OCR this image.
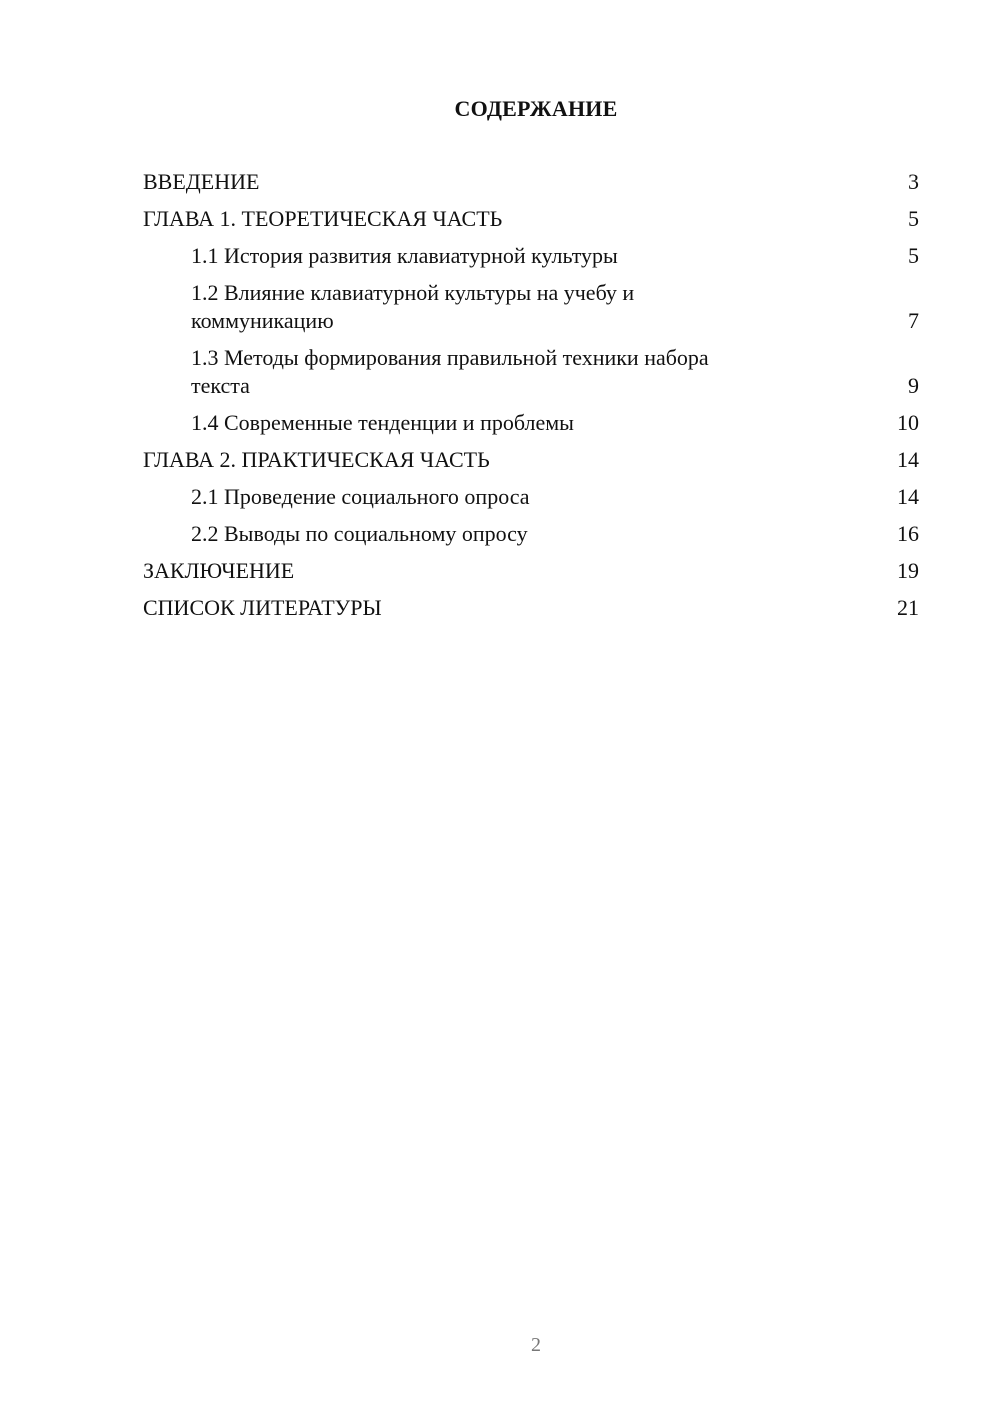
СОДЕРЖАНИЕ
ВВЕДЕНИЕ	3
ГЛАВА 1. ТЕОРЕТИЧЕСКАЯ ЧАСТЬ	5
1.1 История развития клавиатурной культуры	5
1.2 Влияние клавиатурной культуры на учебу и коммуникацию	7
1.3 Методы формирования правильной техники набора текста	9
1.4 Современные тенденции и проблемы	10
ГЛАВА 2. ПРАКТИЧЕСКАЯ ЧАСТЬ	14
2.1 Проведение социального опроса	14
2.2 Выводы по социальному опросу	16
ЗАКЛЮЧЕНИЕ	19
СПИСОК ЛИТЕРАТУРЫ	21
2
